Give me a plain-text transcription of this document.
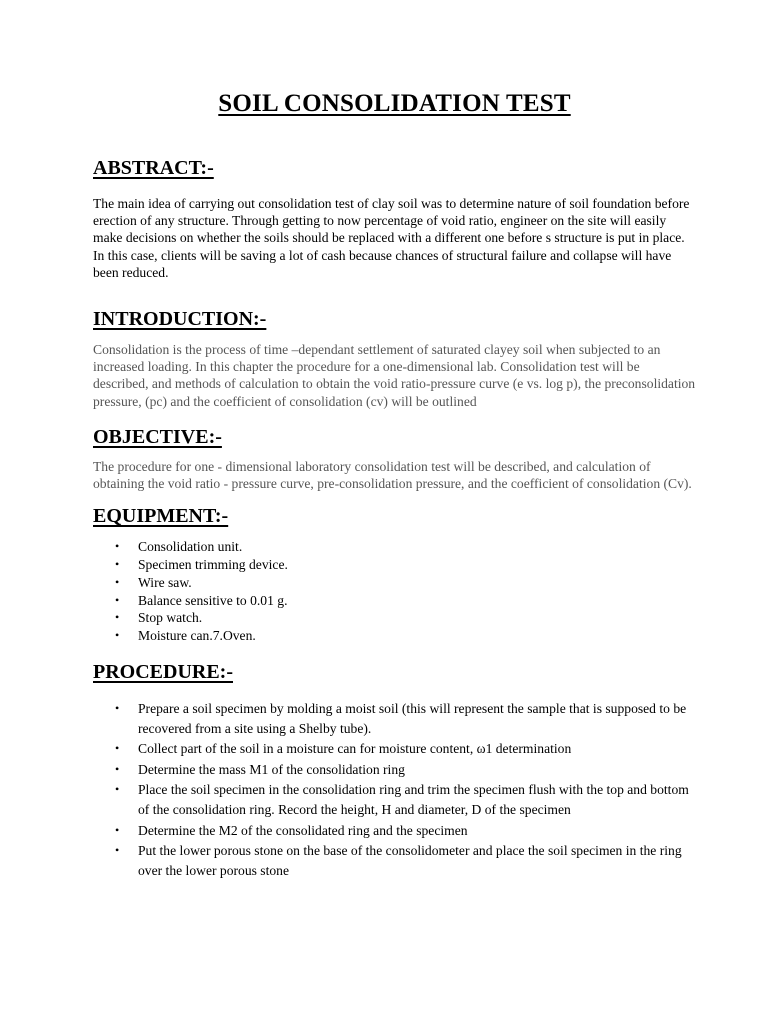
SOIL CONSOLIDATION TEST
ABSTRACT:-

The main idea of carrying out consolidation test of clay soil was to determine nature of soil foundation before erection of any structure. Through getting to now percentage of void ratio, engineer on the site will easily make decisions on whether the soils should be replaced with a different one before s structure is put in place. In this case, clients will be saving a lot of cash because chances of structural failure and collapse will have been reduced.

INTRODUCTION:-

Consolidation is the process of time –dependant settlement of saturated clayey soil when subjected to an increased loading. In this chapter the procedure for a one-dimensional lab. Consolidation test will be described, and methods of calculation to obtain the void ratio-pressure curve (e vs. log p), the preconsolidation pressure, (pc) and the coefficient of consolidation (cv) will be outlined

OBJECTIVE:-

The procedure for one - dimensional laboratory consolidation test will be described, and calculation of obtaining the void ratio - pressure curve, pre-consolidation pressure, and the coefficient of consolidation (Cv).

EQUIPMENT:-
• Consolidation unit.
• Specimen trimming device.
• Wire saw.
• Balance sensitive to 0.01 g.
• Stop watch.
• Moisture can.7.Oven.
PROCEDURE:-
• Prepare a soil specimen by molding a moist soil (this will represent the sample that is supposed to be recovered from a site using a Shelby tube).
• Collect part of the soil in a moisture can for moisture content, ω1 determination
• Determine the mass M1 of the consolidation ring
• Place the soil specimen in the consolidation ring and trim the specimen flush with the top and bottom of the consolidation ring. Record the height, H and diameter, D of the specimen
• Determine the M2 of the consolidated ring and the specimen
• Put the lower porous stone on the base of the consolidometer and place the soil specimen in the ring over the lower porous stone
